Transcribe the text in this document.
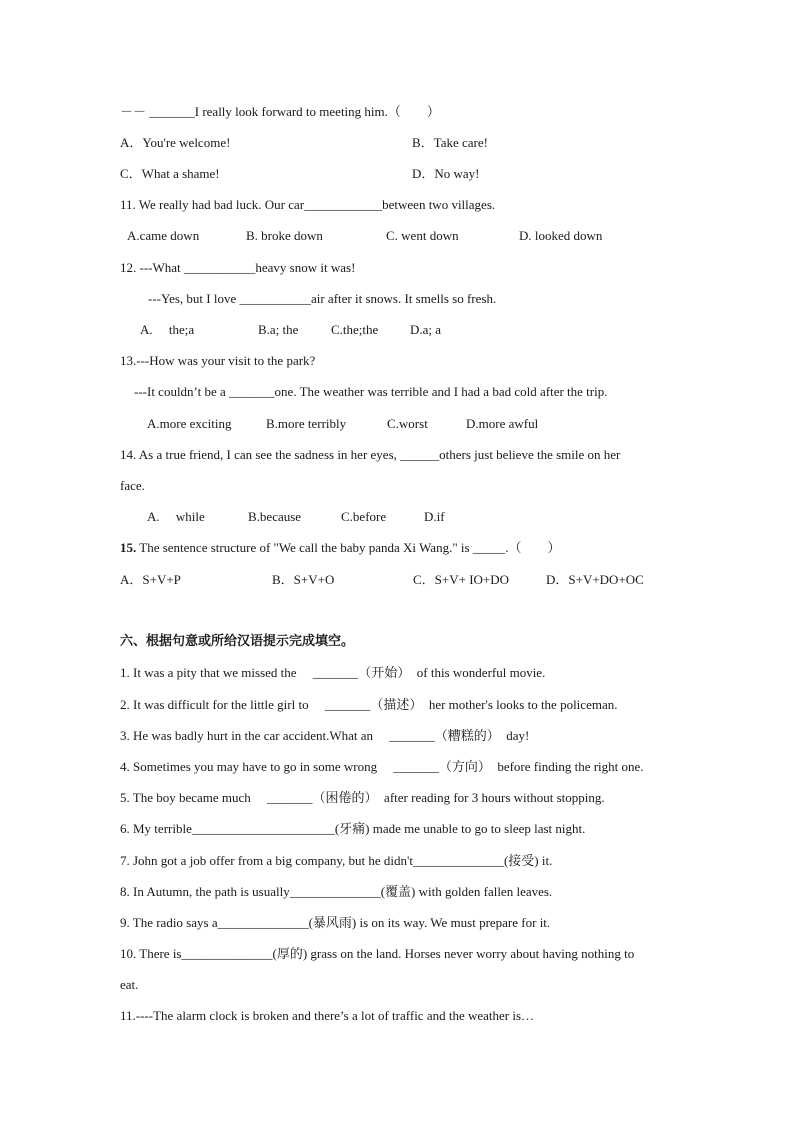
－－ _______I really look forward to meeting him.（　　）
A．You're welcome!	B．Take care!
C．What a shame!	D．No way!
11. We really had bad luck. Our car____________between two villages.
A.came down	B. broke down	C. went down	D. looked down
12. ---What ___________heavy snow it was!
---Yes, but I love ___________air after it snows. It smells so fresh.
A.　 the;a	B.a; the	C.the;the D.a; a
13.---How was your visit to the park?
---It couldn’t be a _______one. The weather was terrible and I had a bad cold after the trip.
A.more exciting	B.more terribly	C.worst	D.more awful
14. As a true friend, I can see the sadness in her eyes, ______others just believe the smile on her
face.
A.　 while	B.because	C.before	D.if
15. The sentence structure of "We call the baby panda Xi Wang." is _____.（　　）
A．S+V+P	B．S+V+O	C．S+V+ IO+DO	D．S+V+DO+OC
六、根据句意或所给汉语提示完成填空。
1. It was a pity that we missed the　 _______（开始）　of this wonderful movie.
2. It was difficult for the little girl to　 _______（描述）　her mother's looks to the policeman.
3. He was badly hurt in the car accident.What an　 _______（糟糕的）　day!
4. Sometimes you may have to go in some wrong　 _______（方向）　before finding the right one.
5. The boy became much　 _______（困倦的）　after reading for 3 hours without stopping.
6. My terrible______________________(牙痛) made me unable to go to sleep last night.
7. John got a job offer from a big company, but he didn't______________(接受) it.
8. In Autumn, the path is usually______________(覆盖) with golden fallen leaves.
9. The radio says a______________(暴风雨) is on its way. We must prepare for it.
10. There is______________(厚的) grass on the land. Horses never worry about having nothing to
eat.
11.----The alarm clock is broken and there’s a lot of traffic and the weather is…
